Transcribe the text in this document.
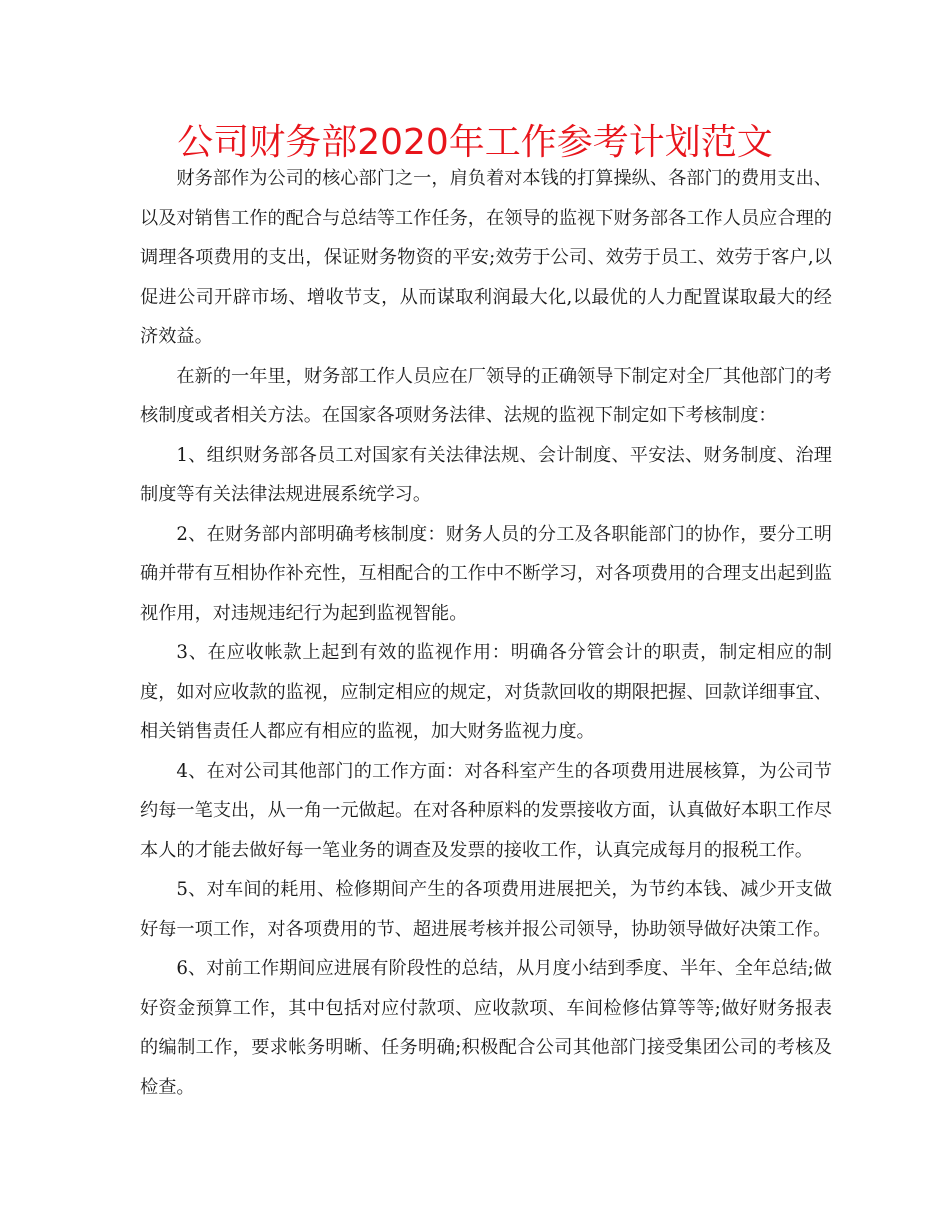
公司财务部2020年工作参考计划范文

财务部作为公司的核心部门之一，肩负着对本钱的打算操纵、各部门的费用支出、以及对销售工作的配合与总结等工作任务，在领导的监视下财务部各工作人员应合理的调理各项费用的支出，保证财务物资的平安;效劳于公司、效劳于员工、效劳于客户,以促进公司开辟市场、增收节支，从而谋取利润最大化,以最优的人力配置谋取最大的经济效益。

在新的一年里，财务部工作人员应在厂领导的正确领导下制定对全厂其他部门的考核制度或者相关方法。在国家各项财务法律、法规的监视下制定如下考核制度：

1、组织财务部各员工对国家有关法律法规、会计制度、平安法、财务制度、治理制度等有关法律法规进展系统学习。

2、在财务部内部明确考核制度：财务人员的分工及各职能部门的协作，要分工明确并带有互相协作补充性，互相配合的工作中不断学习，对各项费用的合理支出起到监视作用，对违规违纪行为起到监视智能。

3、在应收帐款上起到有效的监视作用：明确各分管会计的职责，制定相应的制度，如对应收款的监视，应制定相应的规定，对货款回收的期限把握、回款详细事宜、相关销售责任人都应有相应的监视，加大财务监视力度。

4、在对公司其他部门的工作方面：对各科室产生的各项费用进展核算，为公司节约每一笔支出，从一角一元做起。在对各种原料的发票接收方面，认真做好本职工作尽本人的才能去做好每一笔业务的调查及发票的接收工作，认真完成每月的报税工作。

5、对车间的耗用、检修期间产生的各项费用进展把关，为节约本钱、减少开支做好每一项工作，对各项费用的节、超进展考核并报公司领导，协助领导做好决策工作。

6、对前工作期间应进展有阶段性的总结，从月度小结到季度、半年、全年总结;做好资金预算工作，其中包括对应付款项、应收款项、车间检修估算等等;做好财务报表的编制工作，要求帐务明晰、任务明确;积极配合公司其他部门接受集团公司的考核及检查。
